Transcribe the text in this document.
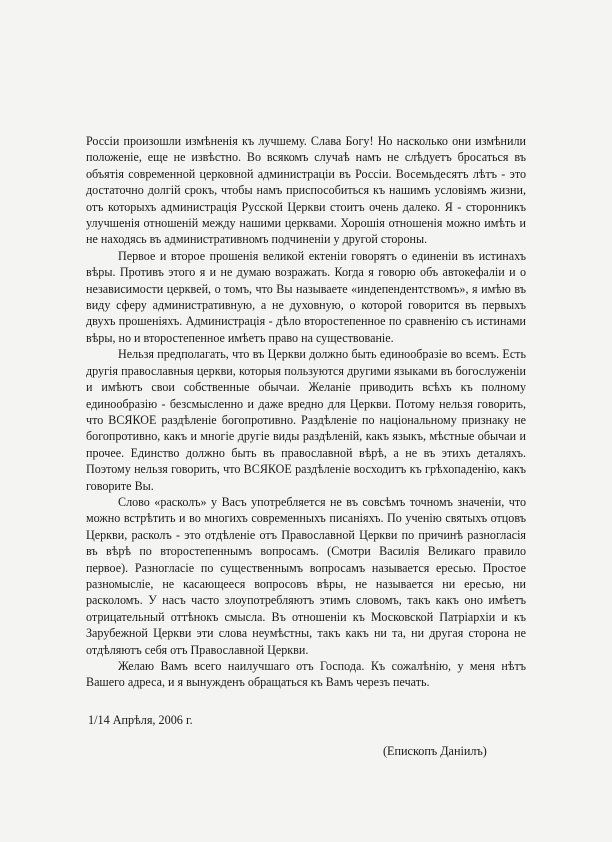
Россіи произошли измѣненія къ лучшему. Слава Богу! Но насколько они измѣнили положеніе, еще не извѣстно. Во всякомъ случаѣ намъ не слѣдуетъ бросаться въ объятія современной церковной администраціи въ Россіи. Восемьдесятъ лѣтъ - это достаточно долгій срокъ, чтобы намъ приспособиться къ нашимъ условіямъ жизни, отъ которыхъ администрація Русской Церкви стоитъ очень далеко. Я - сторонникъ улучшенія отношеній между нашими церквами. Хорошія отношенія можно имѣть и не находясь въ административномъ подчиненіи у другой стороны.

Первое и второе прошенія великой ектеніи говорятъ о единеніи въ истинахъ вѣры. Противъ этого я и не думаю возражать. Когда я говорю объ автокефаліи и о независимости церквей, о томъ, что Вы называете «индепендентствомъ», я имѣю въ виду сферу административную, а не духовную, о которой говорится въ первыхъ двухъ прошеніяхъ. Администрація - дѣло второстепенное по сравненію съ истинами вѣры, но и второстепенное имѣетъ право на существованіе.

Нельзя предполагать, что въ Церкви должно быть единообразіе во всемъ. Есть другія православныя церкви, которыя пользуются другими языками въ богослуженіи и имѣютъ свои собственные обычаи. Желаніе приводить всѣхъ къ полному единообразію - безсмысленно и даже вредно для Церкви. Потому нельзя говорить, что ВСЯКОЕ раздѣленіе богопротивно. Раздѣленіе по національному признаку не богопротивно, какъ и многіе другіе виды раздѣленій, какъ языкъ, мѣстные обычаи и прочее. Единство должно быть въ православной вѣрѣ, а не въ этихъ деталяхъ. Поэтому нельзя говорить, что ВСЯКОЕ раздѣленіе восходитъ къ грѣхопаденію, какъ говорите Вы.

Слово «расколъ» у Васъ употребляется не въ совсѣмъ точномъ значеніи, что можно встрѣтить и во многихъ современныхъ писаніяхъ. По ученію святыхъ отцовъ Церкви, расколъ - это отдѣленіе отъ Православной Церкви по причинѣ разногласія въ вѣрѣ по второстепеннымъ вопросамъ. (Смотри Василія Великаго правило первое). Разногласіе по существеннымъ вопросамъ называется ересью. Простое разномысліе, не касающееся вопросовъ вѣры, не называется ни ересью, ни расколомъ. У насъ часто злоупотребляютъ этимъ словомъ, такъ какъ оно имѣетъ отрицательный оттѣнокъ смысла. Въ отношеніи къ Московской Патріархіи и къ Зарубежной Церкви эти слова неумѣстны, такъ какъ ни та, ни другая сторона не отдѣляютъ себя отъ Православной Церкви.

Желаю Вамъ всего наилучшаго отъ Господа. Къ сожалѣнію, у меня нѣтъ Вашего адреса, и я вынужденъ обращаться къ Вамъ черезъ печать.

1/14 Апрѣля, 2006 г.
(Епископъ Даніилъ)
